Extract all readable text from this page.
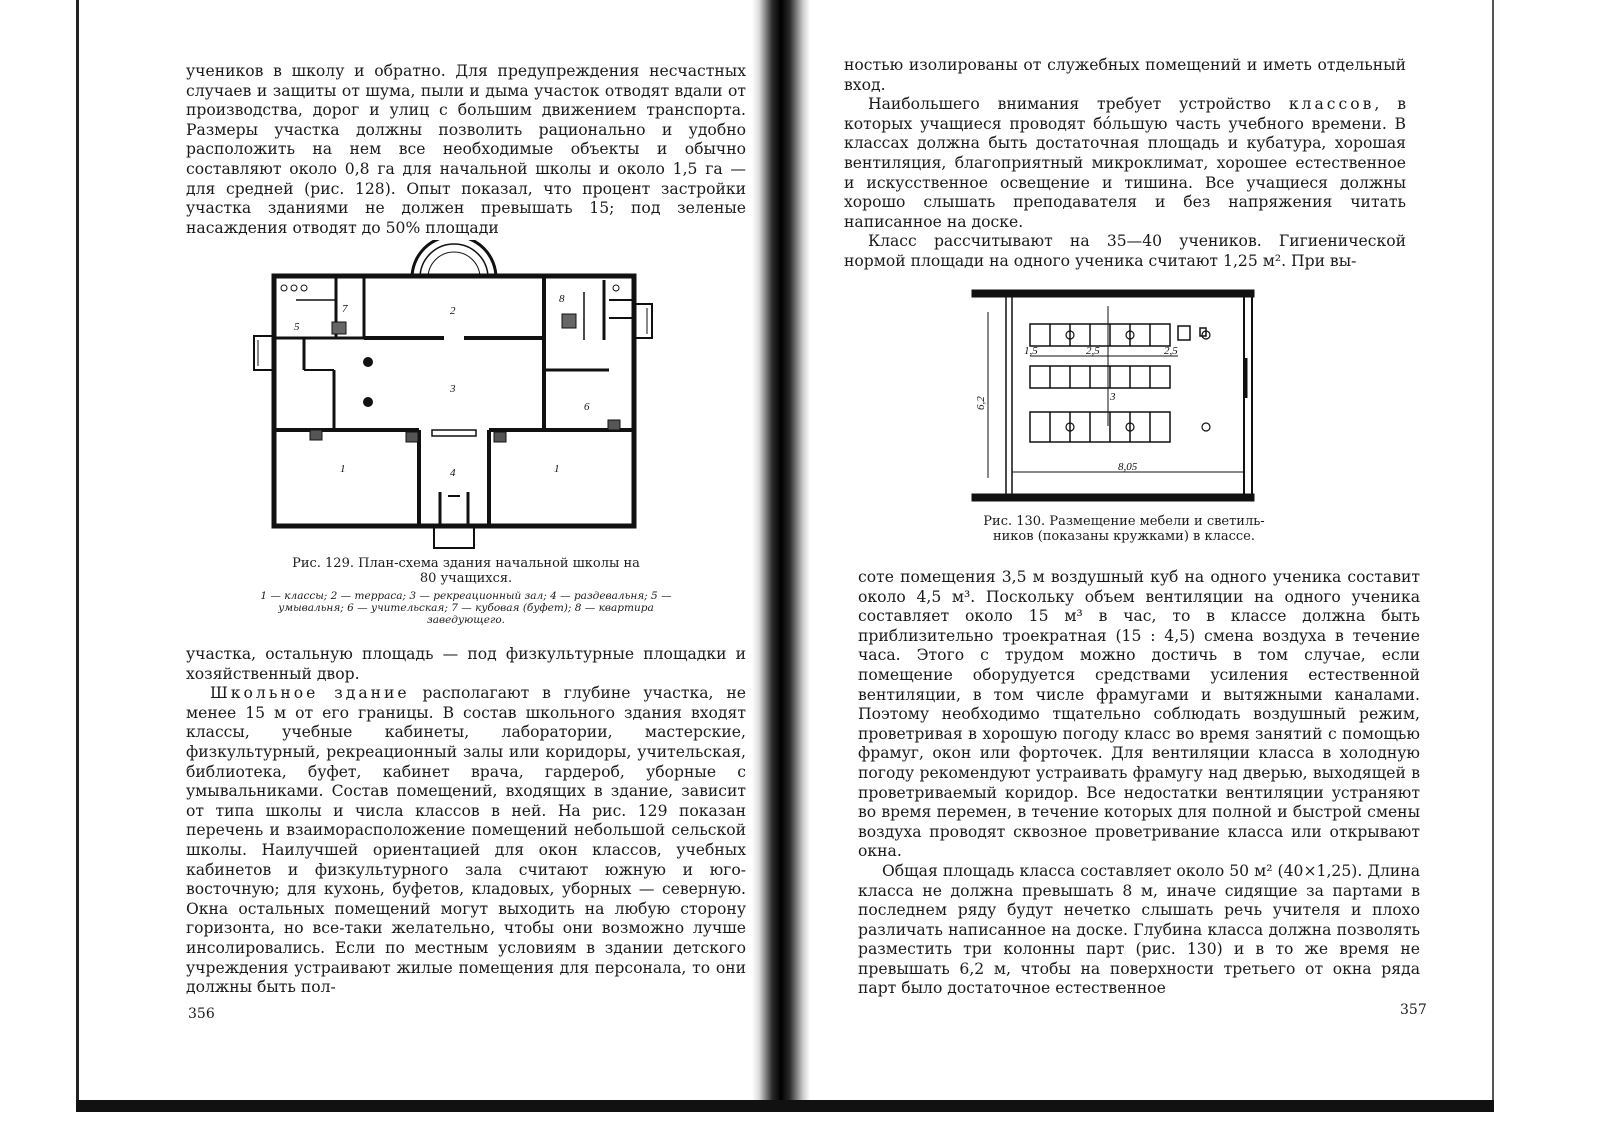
учеников в школу и обратно. Для предупреждения несчастных случаев и защиты от шума, пыли и дыма участок отводят вдали от производства, дорог и улиц с большим движением транспорта. Размеры участка должны позволить рационально и удобно расположить на нем все необходимые объекты и обычно составляют около 0,8 га для начальной школы и около 1,5 га — для средней (рис. 128). Опыт показал, что процент застройки участка зданиями не должен превышать 15; под зеленые насаждения отводят до 50% площади

1	1
2
3
4
5
6
7
8
Рис. 129. План-схема здания начальной школы на
80 учащихся.
1 — классы; 2 — терраса; 3 — рекреационный зал; 4 — раздевальня; 5 — умывальня; 6 — учительская; 7 — кубовая (буфет); 8 — квартира заведующего.

участка, остальную площадь — под физкультурные площадки и хозяйственный двор.

Школьное здание располагают в глубине участка, не менее 15 м от его границы. В состав школьного здания входят классы, учебные кабинеты, лаборатории, мастерские, физкультурный, рекреационный залы или коридоры, учительская, библиотека, буфет, кабинет врача, гардероб, уборные с умывальниками. Состав помещений, входящих в здание, зависит от типа школы и числа классов в ней. На рис. 129 показан перечень и взаиморасположение помещений небольшой сельской школы. Наилучшей ориентацией для окон классов, учебных кабинетов и физкультурного зала считают южную и юго-восточную; для кухонь, буфетов, кладовых, уборных — северную. Окна остальных помещений могут выходить на любую сторону горизонта, но все-таки желательно, чтобы они возможно лучше инсолировались. Если по местным условиям в здании детского учреждения устраивают жилые помещения для персонала, то они должны быть пол-

356

ностью изолированы от служебных помещений и иметь отдельный вход.

Наибольшего внимания требует устройство классов, в которых учащиеся проводят бо́льшую часть учебного времени. В классах должна быть достаточная площадь и кубатура, хорошая вентиляция, благоприятный микроклимат, хорошее естественное и искусственное освещение и тишина. Все учащиеся должны хорошо слышать преподавателя и без напряжения читать написанное на доске.

Класс рассчитывают на 35—40 учеников. Гигиенической нормой площади на одного ученика считают 1,25 м². При вы-

1,5	2,5	2,5
3
6,2
8,05
Рис. 130. Размещение мебели и светиль-
ников (показаны кружками) в классе.

соте помещения 3,5 м воздушный куб на одного ученика составит около 4,5 м³. Поскольку объем вентиляции на одного ученика составляет около 15 м³ в час, то в классе должна быть приблизительно троекратная (15 : 4,5) смена воздуха в течение часа. Этого с трудом можно достичь в том случае, если помещение оборудуется средствами усиления естественной вентиляции, в том числе фрамугами и вытяжными каналами. Поэтому необходимо тщательно соблюдать воздушный режим, проветривая в хорошую погоду класс во время занятий с помощью фрамуг, окон или форточек. Для вентиляции класса в холодную погоду рекомендуют устраивать фрамугу над дверью, выходящей в проветриваемый коридор. Все недостатки вентиляции устраняют во время перемен, в течение которых для полной и быстрой смены воздуха проводят сквозное проветривание класса или открывают окна.

Общая площадь класса составляет около 50 м² (40×1,25). Длина класса не должна превышать 8 м, иначе сидящие за партами в последнем ряду будут нечетко слышать речь учителя и плохо различать написанное на доске. Глубина класса должна позволять разместить три колонны парт (рис. 130) и в то же время не превышать 6,2 м, чтобы на поверхности третьего от окна ряда парт было достаточное естественное

357
